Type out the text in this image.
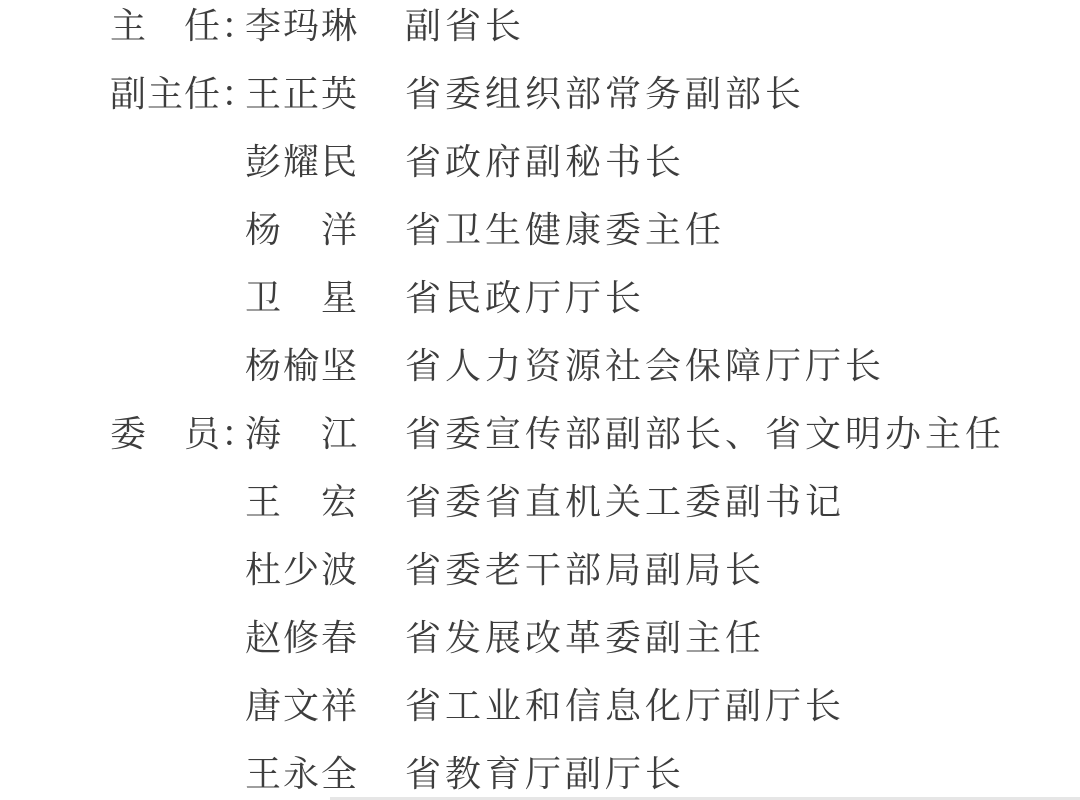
主　任：
李玛琳 副省长
副主任：
王正英 省委组织部常务副部长
彭耀民 省政府副秘书长
杨　洋 省卫生健康委主任
卫　星 省民政厅厅长
杨榆坚 省人力资源社会保障厅厅长
委　员：
海　江 省委宣传部副部长、省文明办主任
王　宏 省委省直机关工委副书记
杜少波 省委老干部局副局长
赵修春 省发展改革委副主任
唐文祥 省工业和信息化厅副厅长
王永全 省教育厅副厅长
